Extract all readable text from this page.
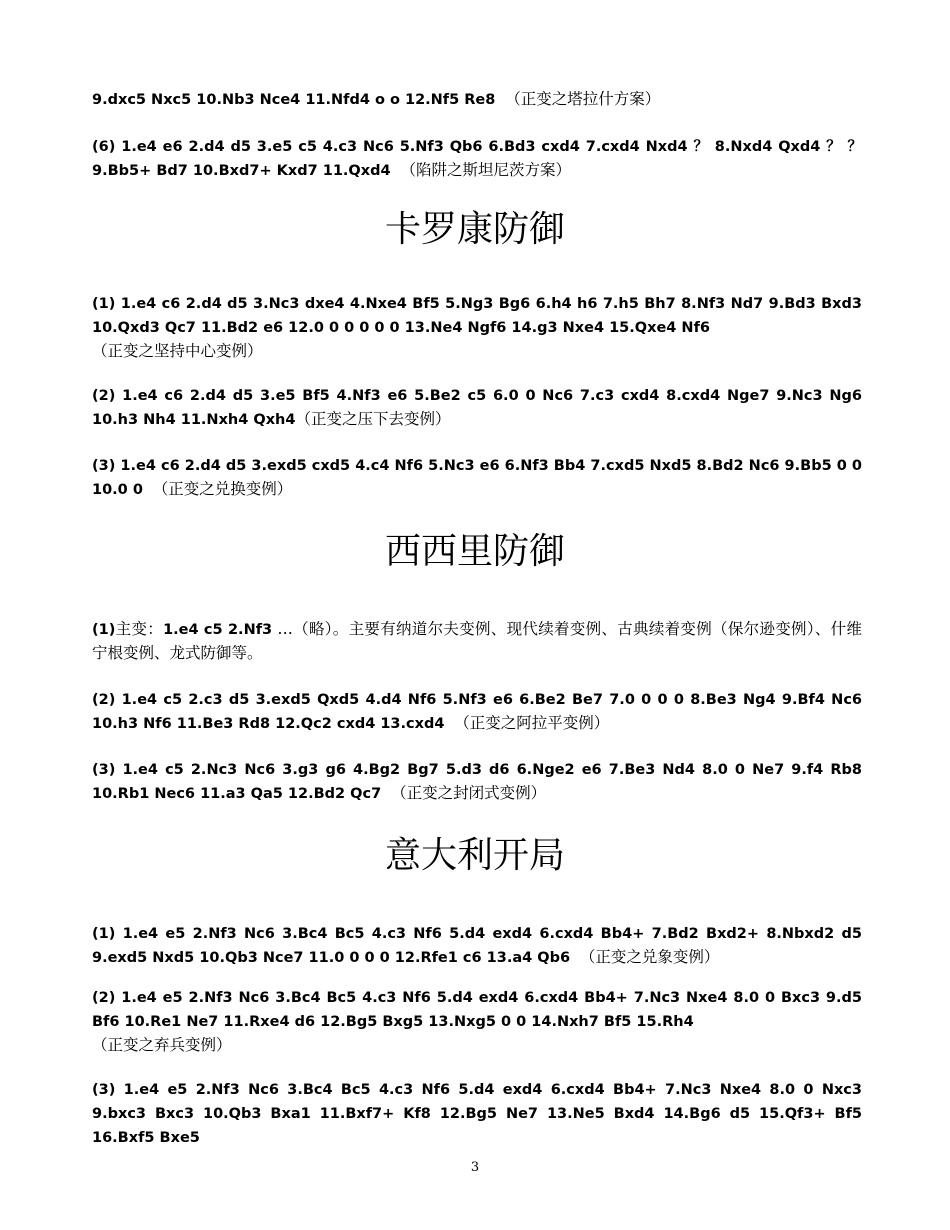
9.dxc5 Nxc5 10.Nb3 Nce4 11.Nfd4 o o 12.Nf5 Re8 （正变之塔拉什方案）

(6) 1.e4 e6 2.d4 d5 3.e5 c5 4.c3 Nc6 5.Nf3 Qb6 6.Bd3 cxd4 7.cxd4 Nxd4 ？ 8.Nxd4 Qxd4 ？ ？ 9.Bb5+ Bd7 10.Bxd7+ Kxd7 11.Qxd4 （陷阱之斯坦尼茨方案）

卡罗康防御

(1) 1.e4 c6 2.d4 d5 3.Nc3 dxe4 4.Nxe4 Bf5 5.Ng3 Bg6 6.h4 h6 7.h5 Bh7 8.Nf3 Nd7 9.Bd3 Bxd3 10.Qxd3 Qc7 11.Bd2 e6 12.0 0 0 0 0 0 13.Ne4 Ngf6 14.g3 Nxe4 15.Qxe4 Nf6
（正变之坚持中心变例）

(2) 1.e4 c6 2.d4 d5 3.e5 Bf5 4.Nf3 e6 5.Be2 c5 6.0 0 Nc6 7.c3 cxd4 8.cxd4 Nge7 9.Nc3 Ng6 10.h3 Nh4 11.Nxh4 Qxh4（正变之压下去变例）

(3) 1.e4 c6 2.d4 d5 3.exd5 cxd5 4.c4 Nf6 5.Nc3 e6 6.Nf3 Bb4 7.cxd5 Nxd5 8.Bd2 Nc6 9.Bb5 0 0 10.0 0 （正变之兑换变例）

西西里防御

(1)主变：1.e4 c5 2.Nf3 …（略）。主要有纳道尔夫变例、现代续着变例、古典续着变例（保尔逊变例）、什维宁根变例、龙式防御等。

(2) 1.e4 c5 2.c3 d5 3.exd5 Qxd5 4.d4 Nf6 5.Nf3 e6 6.Be2 Be7 7.0 0 0 0 8.Be3 Ng4 9.Bf4 Nc6 10.h3 Nf6 11.Be3 Rd8 12.Qc2 cxd4 13.cxd4 （正变之阿拉平变例）

(3) 1.e4 c5 2.Nc3 Nc6 3.g3 g6 4.Bg2 Bg7 5.d3 d6 6.Nge2 e6 7.Be3 Nd4 8.0 0 Ne7 9.f4 Rb8 10.Rb1 Nec6 11.a3 Qa5 12.Bd2 Qc7 （正变之封闭式变例）

意大利开局

(1) 1.e4 e5 2.Nf3 Nc6 3.Bc4 Bc5 4.c3 Nf6 5.d4 exd4 6.cxd4 Bb4+ 7.Bd2 Bxd2+ 8.Nbxd2 d5 9.exd5 Nxd5 10.Qb3 Nce7 11.0 0 0 0 12.Rfe1 c6 13.a4 Qb6 （正变之兑象变例）

(2) 1.e4 e5 2.Nf3 Nc6 3.Bc4 Bc5 4.c3 Nf6 5.d4 exd4 6.cxd4 Bb4+ 7.Nc3 Nxe4 8.0 0 Bxc3 9.d5 Bf6 10.Re1 Ne7 11.Rxe4 d6 12.Bg5 Bxg5 13.Nxg5 0 0 14.Nxh7 Bf5 15.Rh4
（正变之弃兵变例）

(3) 1.e4 e5 2.Nf3 Nc6 3.Bc4 Bc5 4.c3 Nf6 5.d4 exd4 6.cxd4 Bb4+ 7.Nc3 Nxe4 8.0 0 Nxc3 9.bxc3 Bxc3 10.Qb3 Bxa1 11.Bxf7+ Kf8 12.Bg5 Ne7 13.Ne5 Bxd4 14.Bg6 d5 15.Qf3+ Bf5 16.Bxf5 Bxe5

3
